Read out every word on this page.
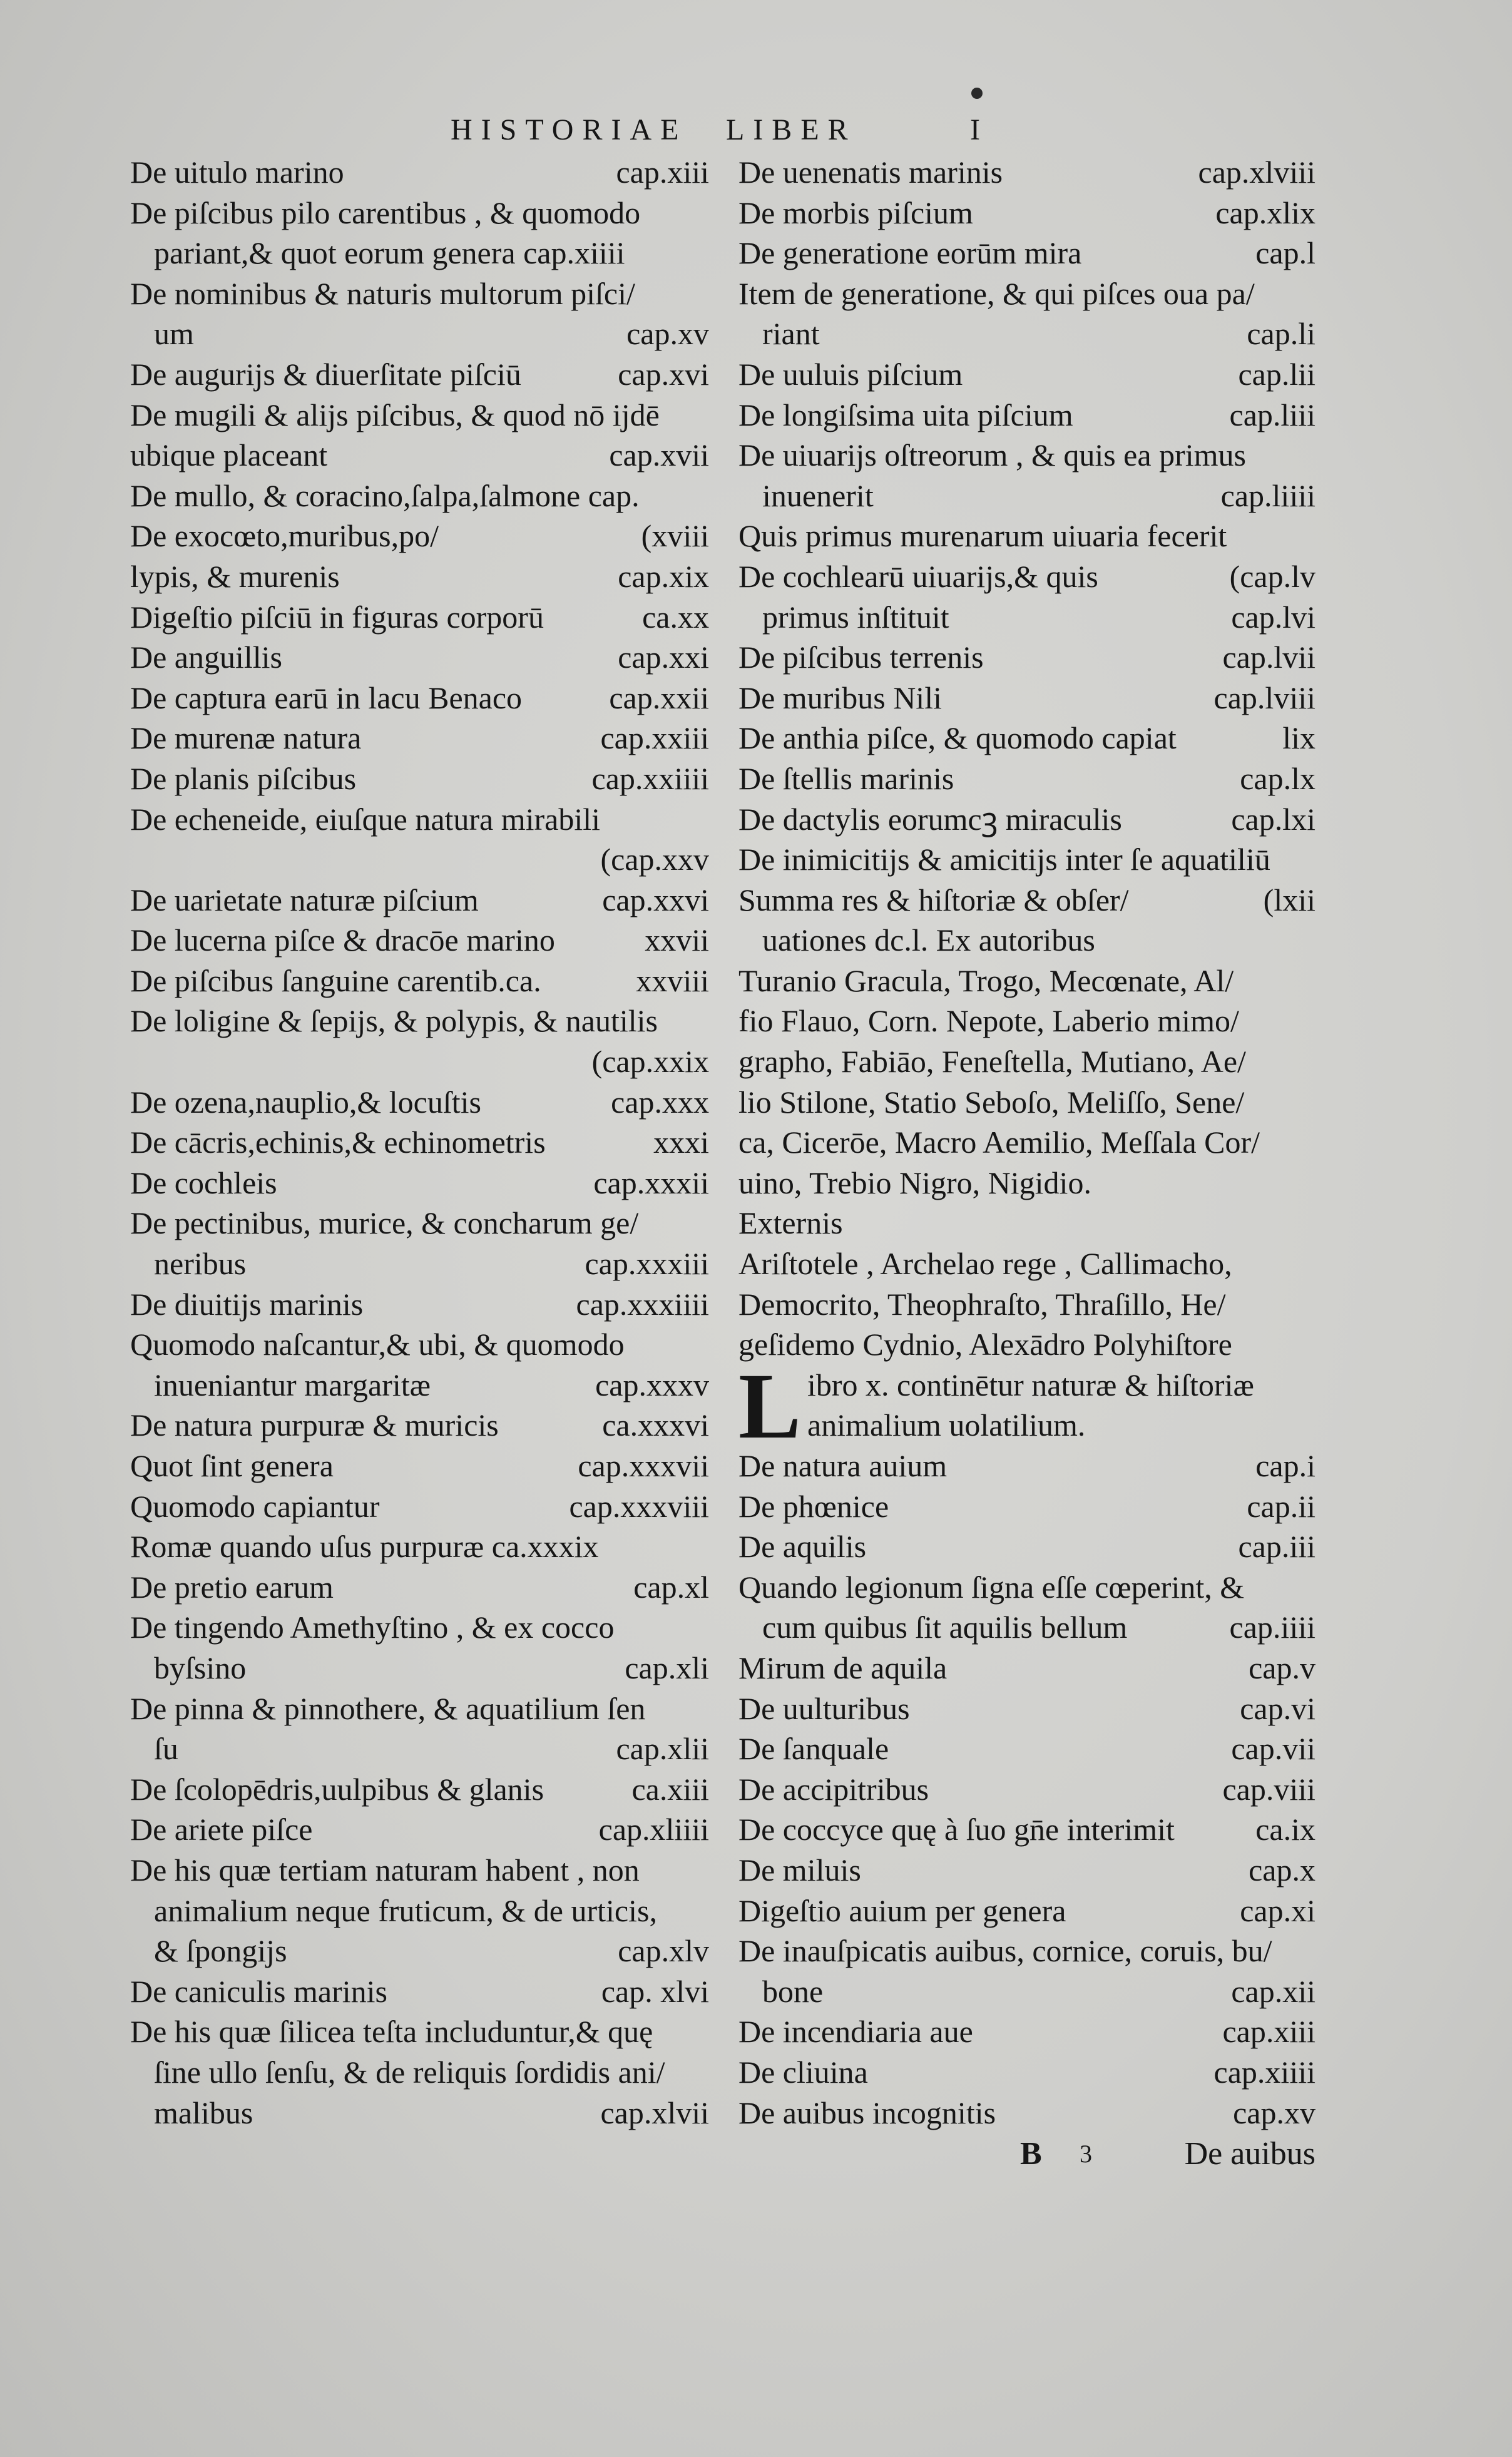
HISTORIAE LIBER	I
De uitulo marino	cap.xiii
De piſcibus pilo carentibus , & quomodo
pariant,& quot eorum genera cap.xiiii
De nominibus & naturis multorum piſci/
um	cap.xv
De augurijs & diuerſitate piſciū	cap.xvi
De mugili & alijs piſcibus, & quod nō ijdē
ubique placeant	cap.xvii
De mullo, & coracino,ſalpa,ſalmone cap.
De exocœto,muribus,po/	(xviii
lypis, & murenis	cap.xix
Digeſtio piſciū in figuras corporū	ca.xx
De anguillis	cap.xxi
De captura earū in lacu Benaco	cap.xxii
De murenæ natura	cap.xxiii
De planis piſcibus	cap.xxiiii
De echeneide, eiuſque natura mirabili
(cap.xxv
De uarietate naturæ piſcium	cap.xxvi
De lucerna piſce & dracōe marino	xxvii
De piſcibus ſanguine carentib.ca.	xxviii
De loligine & ſepijs, & polypis, & nautilis
(cap.xxix
De ozena,nauplio,& locuſtis	cap.xxx
De cācris,echinis,& echinometris	xxxi
De cochleis	cap.xxxii
De pectinibus, murice, & concharum ge/
neribus	cap.xxxiii
De diuitijs marinis	cap.xxxiiii
Quomodo naſcantur,& ubi, & quomodo
inueniantur margaritæ	cap.xxxv
De natura purpuræ & muricis	ca.xxxvi
Quot ſint genera	cap.xxxvii
Quomodo capiantur	cap.xxxviii
Romæ quando uſus purpuræ ca.xxxix
De pretio earum	cap.xl
De tingendo Amethyſtino , & ex cocco
byſsino	cap.xli
De pinna & pinnothere, & aquatilium ſen
ſu	cap.xlii
De ſcolopēdris,uulpibus & glanis	ca.xiii
De ariete piſce	cap.xliiii
De his quæ tertiam naturam habent , non
animalium neque fruticum, & de urticis,
& ſpongijs	cap.xlv
De caniculis marinis	cap. xlvi
De his quæ ſilicea teſta includuntur,& quę
ſine ullo ſenſu, & de reliquis ſordidis ani/
malibus	cap.xlvii
De uenenatis marinis	cap.xlviii
De morbis piſcium	cap.xlix
De generatione eorūm mira	cap.l
Item de generatione, & qui piſces oua pa/
riant	cap.li
De uuluis piſcium	cap.lii
De longiſsima uita piſcium	cap.liii
De uiuarijs oſtreorum , & quis ea primus
inuenerit	cap.liiii
Quis primus murenarum uiuaria fecerit
De cochlearū uiuarijs,& quis	(cap.lv
primus inſtituit	cap.lvi
De piſcibus terrenis	cap.lvii
De muribus Nili	cap.lviii
De anthia piſce, & quomodo capiat	lix
De ſtellis marinis	cap.lx
De dactylis eorumcꝫ miraculis	cap.lxi
De inimicitijs & amicitijs inter ſe aquatiliū
Summa res & hiſtoriæ & obſer/	(lxii
uationes dc.l. Ex autoribus
Turanio Gracula, Trogo, Mecœnate, Al/
fio Flauo, Corn. Nepote, Laberio mimo/
grapho, Fabiāo, Feneſtella, Mutiano, Ae/
lio Stilone, Statio Seboſo, Meliſſo, Sene/
ca, Cicerōe, Macro Aemilio, Meſſala Cor/
uino, Trebio Nigro, Nigidio.
Externis
Ariſtotele , Archelao rege , Callimacho,
Democrito, Theophraſto, Thraſillo, He/
geſidemo Cydnio, Alexādro Polyhiſtore
L ibro x. continētur naturæ & hiſtoriæ
animalium uolatilium.
De natura auium	cap.i
De phœnice	cap.ii
De aquilis	cap.iii
Quando legionum ſigna eſſe cœperint, &
cum quibus ſit aquilis bellum	cap.iiii
Mirum de aquila	cap.v
De uulturibus	cap.vi
De ſanquale	cap.vii
De accipitribus	cap.viii
De coccyce quę à ſuo gn̄e interimit	ca.ix
De miluis	cap.x
Digeſtio auium per genera	cap.xi
De inauſpicatis auibus, cornice, coruis, bu/
bone	cap.xii
De incendiaria aue	cap.xiii
De cliuina	cap.xiiii
De auibus incognitis	cap.xv
B 3	De auibus
